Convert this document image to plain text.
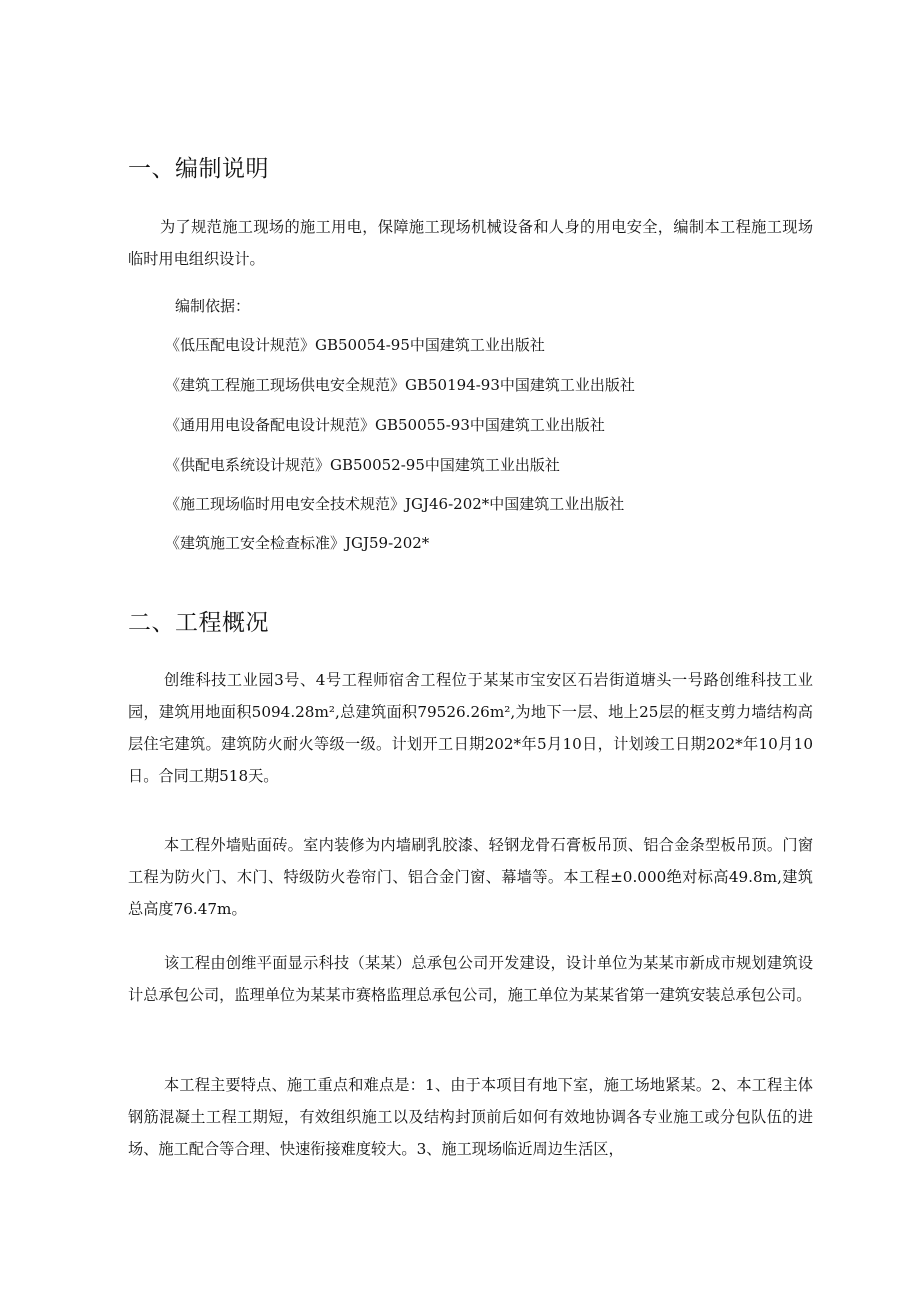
一、编制说明

为了规范施工现场的施工用电，保障施工现场机械设备和人身的用电安全，编制本工程施工现场临时用电组织设计。

编制依据：

《低压配电设计规范》GB50054-95中国建筑工业出版社

《建筑工程施工现场供电安全规范》GB50194-93中国建筑工业出版社

《通用用电设备配电设计规范》GB50055-93中国建筑工业出版社

《供配电系统设计规范》GB50052-95中国建筑工业出版社

《施工现场临时用电安全技术规范》JGJ46-202*中国建筑工业出版社

《建筑施工安全检查标准》JGJ59-202*

二、工程概况

创维科技工业园3号、4号工程师宿舍工程位于某某市宝安区石岩街道塘头一号路创维科技工业园，建筑用地面积5094.28m²,总建筑面积79526.26m²,为地下一层、地上25层的框支剪力墙结构高层住宅建筑。建筑防火耐火等级一级。计划开工日期202*年5月10日，计划竣工日期202*年10月10日。合同工期518天。

本工程外墙贴面砖。室内装修为内墙刷乳胶漆、轻钢龙骨石膏板吊顶、铝合金条型板吊顶。门窗工程为防火门、木门、特级防火卷帘门、铝合金门窗、幕墙等。本工程±0.000绝对标高49.8m,建筑总高度76.47m。

该工程由创维平面显示科技（某某）总承包公司开发建设，设计单位为某某市新成市规划建筑设计总承包公司，监理单位为某某市赛格监理总承包公司，施工单位为某某省第一建筑安装总承包公司。

本工程主要特点、施工重点和难点是：1、由于本项目有地下室，施工场地紧某。2、本工程主体钢筋混凝土工程工期短，有效组织施工以及结构封顶前后如何有效地协调各专业施工或分包队伍的进场、施工配合等合理、快速衔接难度较大。3、施工现场临近周边生活区，
